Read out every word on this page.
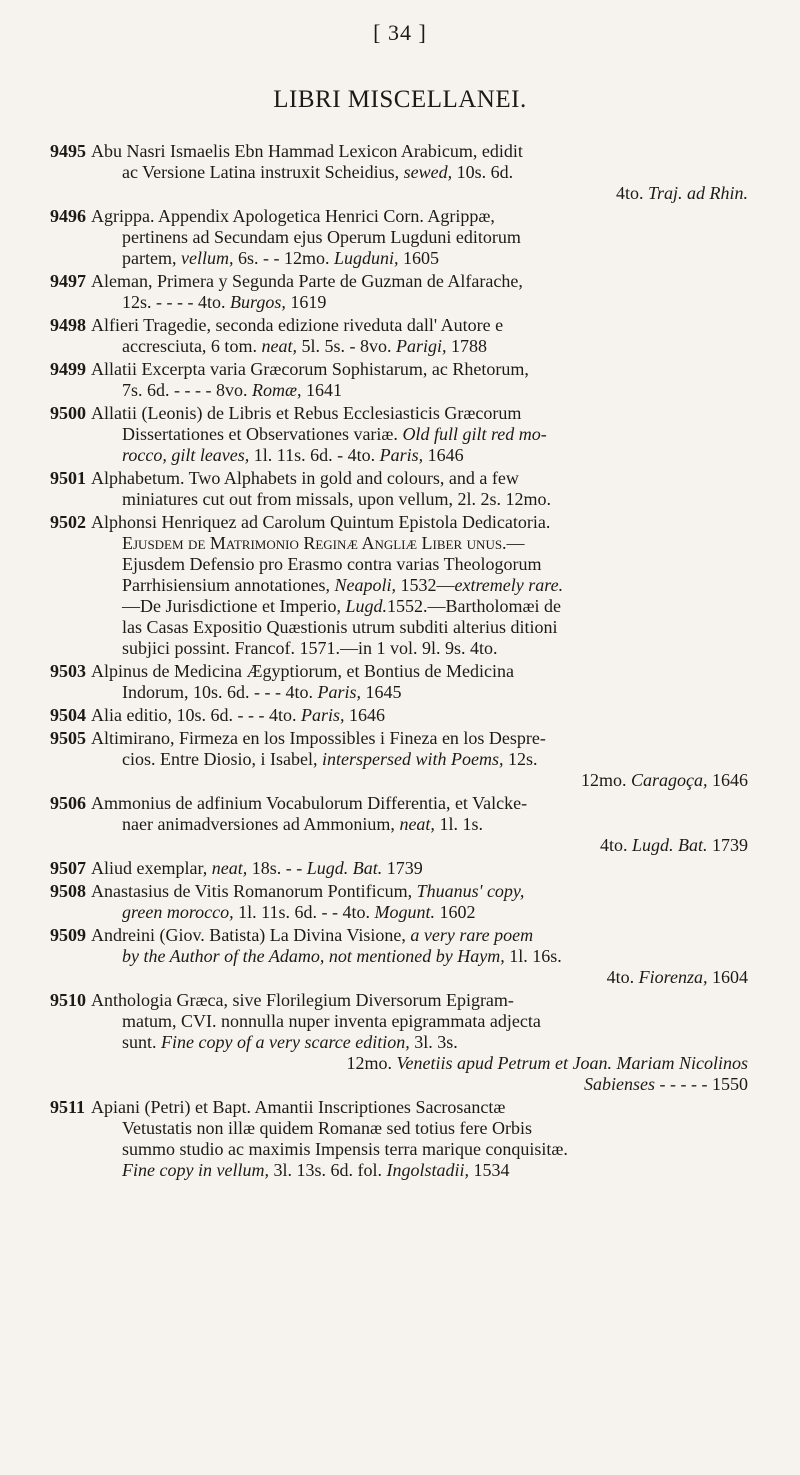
[ 34 ]
LIBRI MISCELLANEI.
9495 Abu Nasri Ismaelis Ebn Hammad Lexicon Arabicum, edidit
ac Versione Latina instruxit Scheidius, sewed, 10s. 6d.
4to. Traj. ad Rhin.

9496 Agrippa. Appendix Apologetica Henrici Corn. Agrippæ,
pertinens ad Secundam ejus Operum Lugduni editorum
partem, vellum, 6s. - - 12mo. Lugduni, 1605
9497 Aleman, Primera y Segunda Parte de Guzman de Alfarache,
12s. - - - - 4to. Burgos, 1619
9498 Alfieri Tragedie, seconda edizione riveduta dall' Autore e
accresciuta, 6 tom. neat, 5l. 5s. - 8vo. Parigi, 1788
9499 Allatii Excerpta varia Græcorum Sophistarum, ac Rhetorum,
7s. 6d. - - - - 8vo. Romæ, 1641
9500 Allatii (Leonis) de Libris et Rebus Ecclesiasticis Græcorum
Dissertationes et Observationes variæ. Old full gilt red mo-
rocco, gilt leaves, 1l. 11s. 6d. - 4to. Paris, 1646
9501 Alphabetum. Two Alphabets in gold and colours, and a few
miniatures cut out from missals, upon vellum, 2l. 2s. 12mo.
9502 Alphonsi Henriquez ad Carolum Quintum Epistola Dedicatoria.
Ejusdem de Matrimonio Reginæ Angliæ Liber unus.—
Ejusdem Defensio pro Erasmo contra varias Theologorum
Parrhisiensium annotationes, Neapoli, 1532—extremely rare.
—De Jurisdictione et Imperio, Lugd.1552.—Bartholomæi de
las Casas Expositio Quæstionis utrum subditi alterius ditioni
subjici possint. Francof. 1571.—in 1 vol. 9l. 9s. 4to.
9503 Alpinus de Medicina Ægyptiorum, et Bontius de Medicina
Indorum, 10s. 6d. - - - 4to. Paris, 1645
9504 Alia editio, 10s. 6d. - - - 4to. Paris, 1646
9505 Altimirano, Firmeza en los Impossibles i Fineza en los Despre-
cios. Entre Diosio, i Isabel, interspersed with Poems, 12s.
12mo. Caragoça, 1646

9506 Ammonius de adfinium Vocabulorum Differentia, et Valcke-
naer animadversiones ad Ammonium, neat, 1l. 1s.
4to. Lugd. Bat. 1739

9507 Aliud exemplar, neat, 18s. - - Lugd. Bat. 1739
9508 Anastasius de Vitis Romanorum Pontificum, Thuanus' copy,
green morocco, 1l. 11s. 6d. - - 4to. Mogunt. 1602
9509 Andreini (Giov. Batista) La Divina Visione, a very rare poem
by the Author of the Adamo, not mentioned by Haym, 1l. 16s.
4to. Fiorenza, 1604

9510 Anthologia Græca, sive Florilegium Diversorum Epigram-
matum, CVI. nonnulla nuper inventa epigrammata adjecta
sunt. Fine copy of a very scarce edition, 3l. 3s.
12mo. Venetiis apud Petrum et Joan. Mariam Nicolinos

Sabienses - - - - - 1550

9511 Apiani (Petri) et Bapt. Amantii Inscriptiones Sacrosanctæ
Vetustatis non illæ quidem Romanæ sed totius fere Orbis
summo studio ac maximis Impensis terra marique conquisitæ.
Fine copy in vellum, 3l. 13s. 6d. fol. Ingolstadii, 1534
